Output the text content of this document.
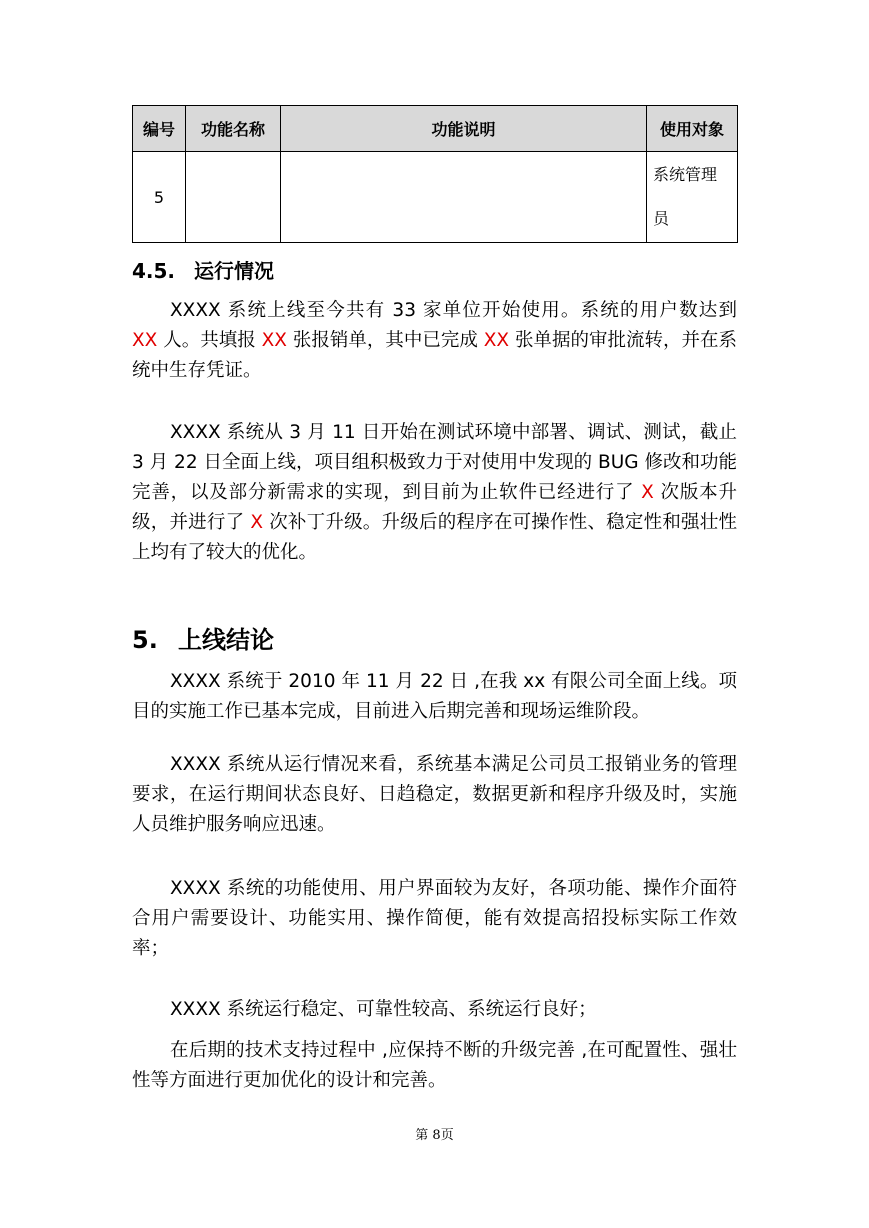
编号	功能名称	功能说明	使用对象
5			系统管理
员
4.5. 运行情况

XXXX 系统上线至今共有 33 家单位开始使用。系统的用户数达到 XX 人。共填报 XX 张报销单，其中已完成 XX 张单据的审批流转，并在系统中生存凭证。

XXXX 系统从 3 月 11 日开始在测试环境中部署、调试、测试，截止 3 月 22 日全面上线，项目组积极致力于对使用中发现的 BUG 修改和功能完善，以及部分新需求的实现，到目前为止软件已经进行了 X 次版本升级，并进行了 X 次补丁升级。升级后的程序在可操作性、稳定性和强壮性上均有了较大的优化。

5. 上线结论

XXXX 系统于 2010 年 11 月 22 日 ,在我 xx 有限公司全面上线。项目的实施工作已基本完成，目前进入后期完善和现场运维阶段。

XXXX 系统从运行情况来看，系统基本满足公司员工报销业务的管理要求，在运行期间状态良好、日趋稳定，数据更新和程序升级及时，实施人员维护服务响应迅速。

XXXX 系统的功能使用、用户界面较为友好，各项功能、操作介面符合用户需要设计、功能实用、操作简便，能有效提高招投标实际工作效率；

XXXX 系统运行稳定、可靠性较高、系统运行良好；

在后期的技术支持过程中 ,应保持不断的升级完善 ,在可配置性、强壮性等方面进行更加优化的设计和完善。

第 8页
